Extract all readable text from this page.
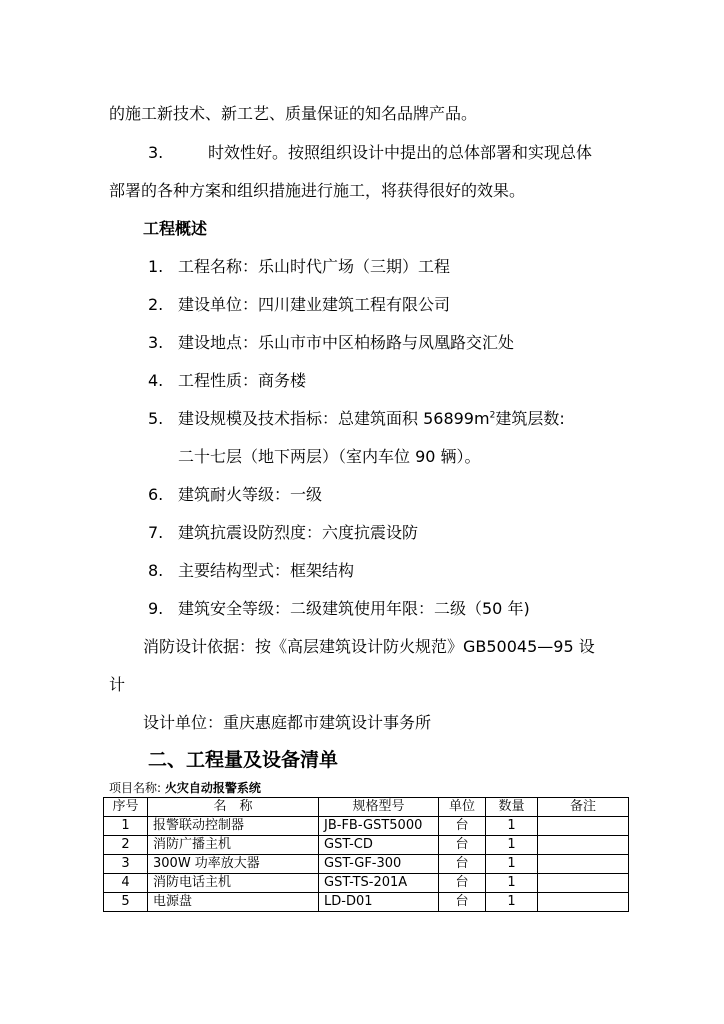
的施工新技术、新工艺、质量保证的知名品牌产品。
3.	时效性好。按照组织设计中提出的总体部署和实现总体
部署的各种方案和组织措施进行施工，将获得很好的效果。
工程概述
1. 工程名称：乐山时代广场（三期）工程
2. 建设单位：四川建业建筑工程有限公司
3. 建设地点：乐山市市中区柏杨路与凤凰路交汇处
4. 工程性质：商务楼
5. 建设规模及技术指标：总建筑面积 $56899m^2$建筑层数:
二十七层（地下两层）（室内车位 90 辆）。
6. 建筑耐火等级：一级
7. 建筑抗震设防烈度：六度抗震设防
8. 主要结构型式：框架结构
9. 建筑安全等级：二级建筑使用年限：二级（50 年)
消防设计依据：按《高层建筑设计防火规范》GB50045—95 设
计
设计单位：重庆惠庭都市建筑设计事务所
二、工程量及设备清单
项目名称: 火灾自动报警系统
序号	名　称	规格型号	单位	数量	备注
1	报警联动控制器	JB-FB-GST5000	台	1	
2	消防广播主机	GST-CD	台	1	
3	300W 功率放大器	GST-GF-300	台	1	
4	消防电话主机	GST-TS-201A	台	1	
5	电源盘	LD-D01	台	1	
